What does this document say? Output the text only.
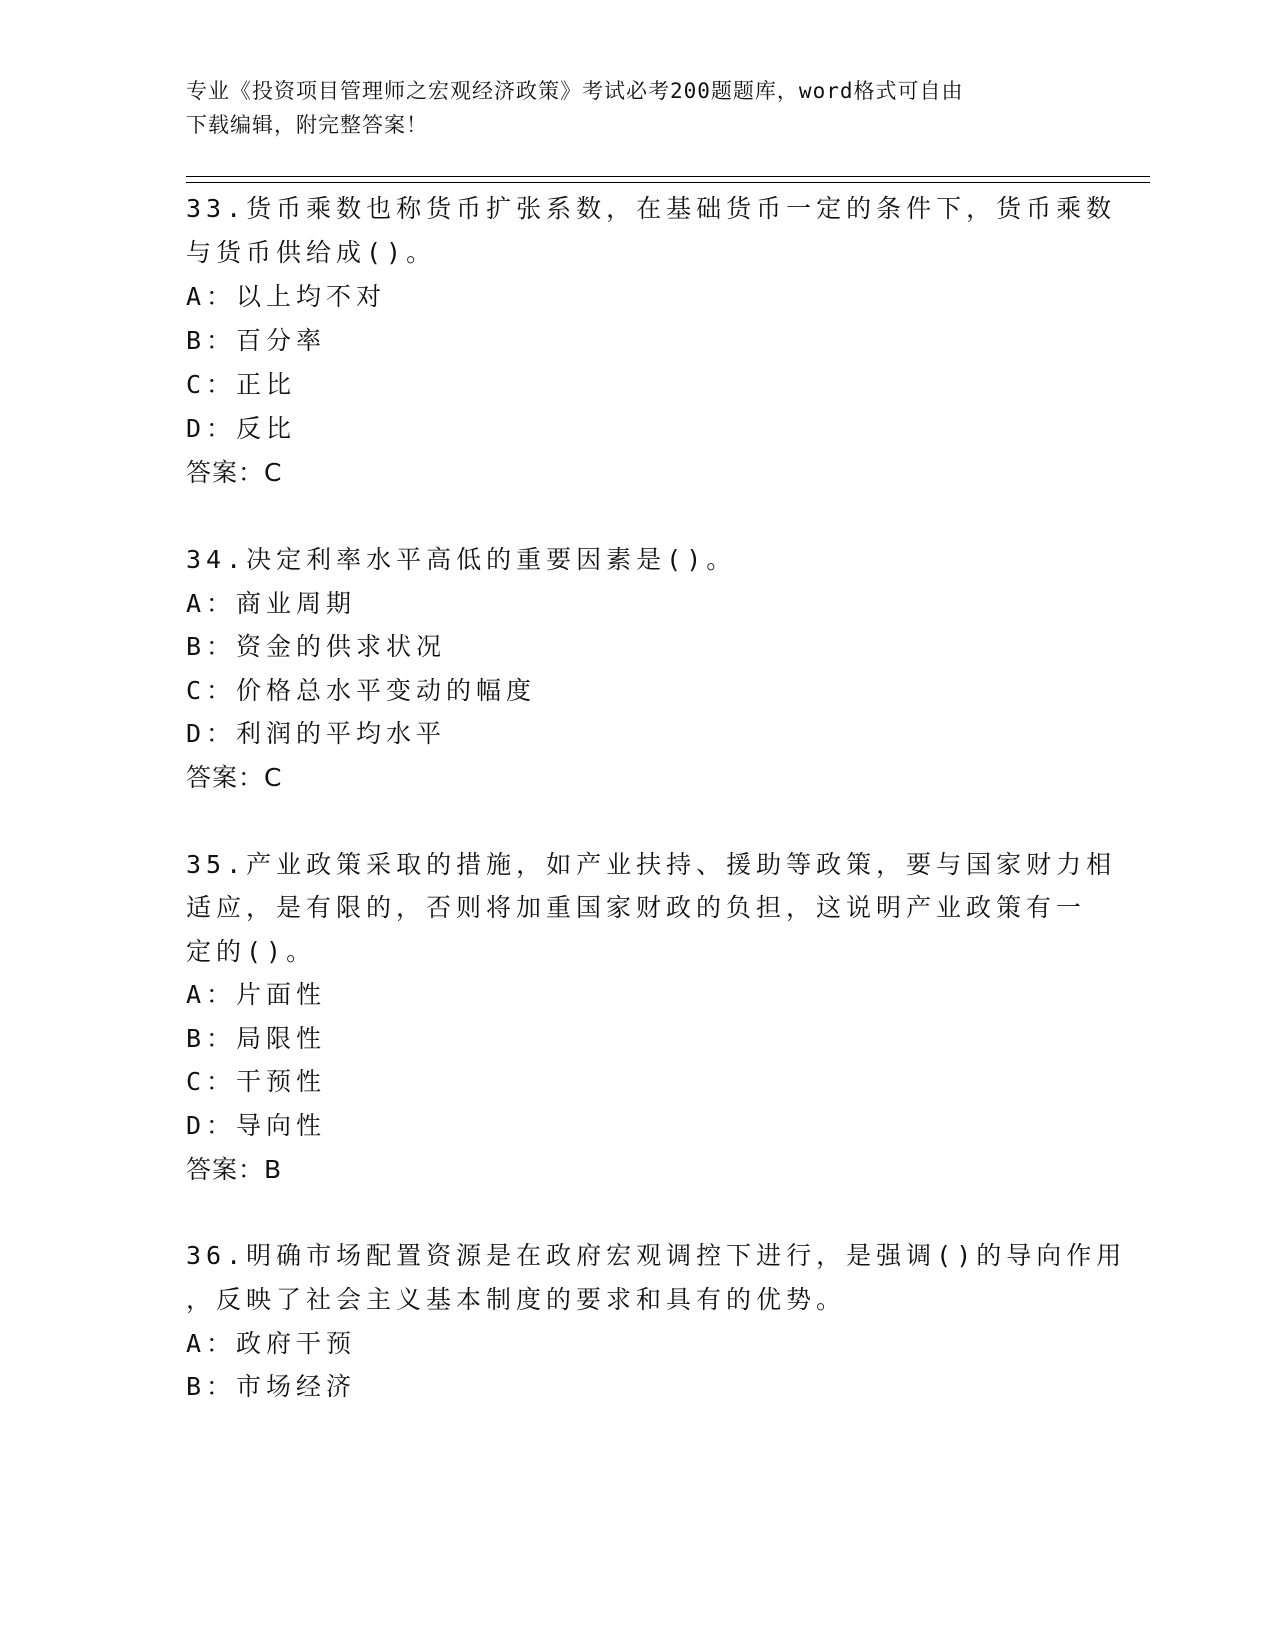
专业《投资项目管理师之宏观经济政策》考试必考200题题库，word格式可自由

下载编辑，附完整答案！

33.货币乘数也称货币扩张系数，在基础货币一定的条件下，货币乘数
与货币供给成()。
A：以上均不对
B：百分率
C：正比
D：反比
答案：C
34.决定利率水平高低的重要因素是()。
A：商业周期
B：资金的供求状况
C：价格总水平变动的幅度
D：利润的平均水平
答案：C
35.产业政策采取的措施，如产业扶持、援助等政策，要与国家财力相
适应，是有限的，否则将加重国家财政的负担，这说明产业政策有一
定的()。
A：片面性
B：局限性
C：干预性
D：导向性
答案：B
36.明确市场配置资源是在政府宏观调控下进行，是强调()的导向作用
，反映了社会主义基本制度的要求和具有的优势。
A：政府干预
B：市场经济
